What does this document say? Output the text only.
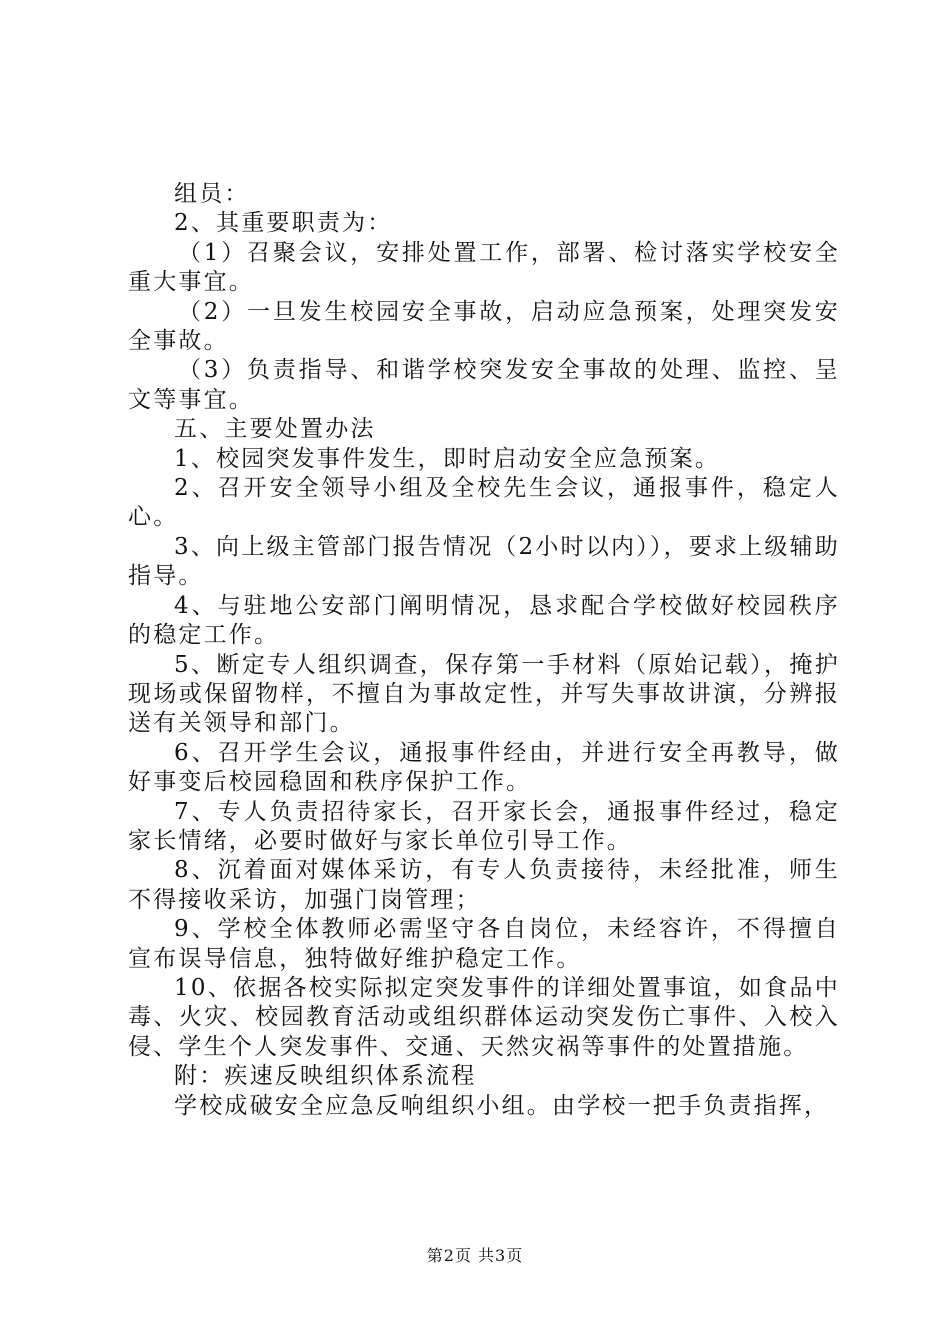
组员：

2、其重要职责为：

（1）召聚会议，安排处置工作，部署、检讨落实学校安全重大事宜。

（2）一旦发生校园安全事故，启动应急预案，处理突发安全事故。

（3）负责指导、和谐学校突发安全事故的处理、监控、呈文等事宜。

五、主要处置办法

1、校园突发事件发生，即时启动安全应急预案。

2、召开安全领导小组及全校先生会议，通报事件，稳定人心。

3、向上级主管部门报告情况（2小时以内）），要求上级辅助指导。

4、与驻地公安部门阐明情况，恳求配合学校做好校园秩序的稳定工作。

5、断定专人组织调查，保存第一手材料（原始记载），掩护现场或保留物样，不擅自为事故定性，并写失事故讲演，分辨报送有关领导和部门。

6、召开学生会议，通报事件经由，并进行安全再教导，做好事变后校园稳固和秩序保护工作。

7、专人负责招待家长，召开家长会，通报事件经过，稳定家长情绪，必要时做好与家长单位引导工作。

8、沉着面对媒体采访，有专人负责接待，未经批准，师生不得接收采访，加强门岗管理；

9、学校全体教师必需坚守各自岗位，未经容许，不得擅自宣布误导信息，独特做好维护稳定工作。

10、依据各校实际拟定突发事件的详细处置事谊，如食品中毒、火灾、校园教育活动或组织群体运动突发伤亡事件、入校入侵、学生个人突发事件、交通、天然灾祸等事件的处置措施。

附：疾速反映组织体系流程

学校成破安全应急反响组织小组。由学校一把手负责指挥，

第2页 共3页
